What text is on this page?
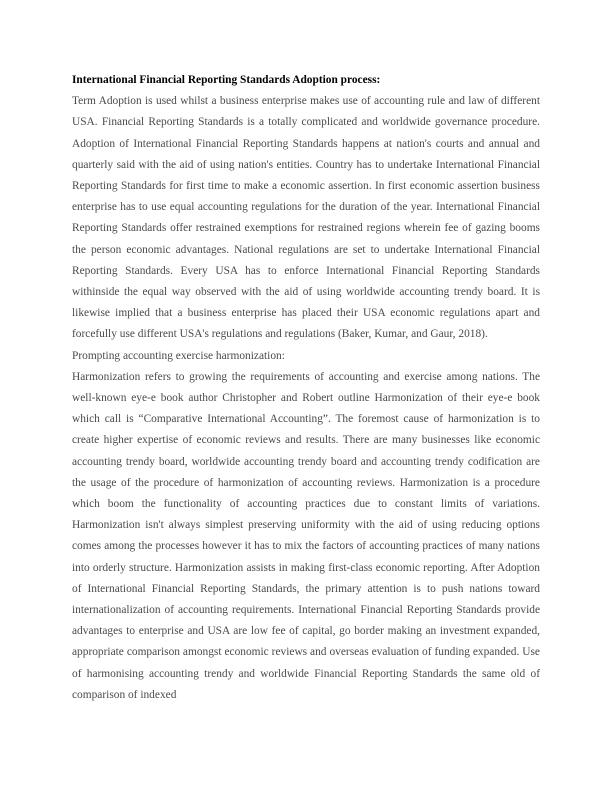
International Financial Reporting Standards Adoption process:

Term Adoption is used whilst a business enterprise makes use of accounting rule and law of different USA. Financial Reporting Standards is a totally complicated and worldwide governance procedure. Adoption of International Financial Reporting Standards happens at nation's courts and annual and quarterly said with the aid of using nation's entities. Country has to undertake International Financial Reporting Standards for first time to make a economic assertion. In first economic assertion business enterprise has to use equal accounting regulations for the duration of the year. International Financial Reporting Standards offer restrained exemptions for restrained regions wherein fee of gazing booms the person economic advantages. National regulations are set to undertake International Financial Reporting Standards. Every USA has to enforce International Financial Reporting Standards withinside the equal way observed with the aid of using worldwide accounting trendy board. It is likewise implied that a business enterprise has placed their USA economic regulations apart and forcefully use different USA's regulations and regulations (Baker, Kumar, and Gaur, 2018).

Prompting accounting exercise harmonization:

Harmonization refers to growing the requirements of accounting and exercise among nations. The well-known eye-e book author Christopher and Robert outline Harmonization of their eye-e book which call is “Comparative International Accounting”. The foremost cause of harmonization is to create higher expertise of economic reviews and results. There are many businesses like economic accounting trendy board, worldwide accounting trendy board and accounting trendy codification are the usage of the procedure of harmonization of accounting reviews. Harmonization is a procedure which boom the functionality of accounting practices due to constant limits of variations. Harmonization isn't always simplest preserving uniformity with the aid of using reducing options comes among the processes however it has to mix the factors of accounting practices of many nations into orderly structure. Harmonization assists in making first-class economic reporting. After Adoption of International Financial Reporting Standards, the primary attention is to push nations toward internationalization of accounting requirements. International Financial Reporting Standards provide advantages to enterprise and USA are low fee of capital, go border making an investment expanded, appropriate comparison amongst economic reviews and overseas evaluation of funding expanded. Use of harmonising accounting trendy and worldwide Financial Reporting Standards the same old of comparison of indexed
